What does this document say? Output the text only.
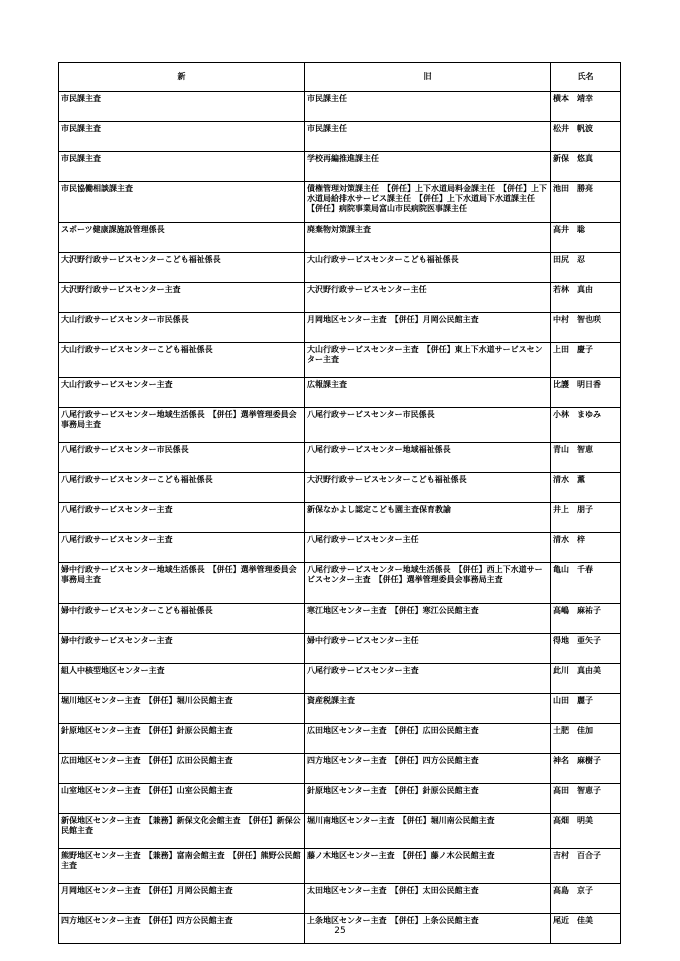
新	旧	氏名
市民課主査	市民課主任	横本　靖幸
市民課主査	市民課主任	松井　帆波
市民課主査	学校再編推進課主任	新保　悠真
市民協働相談課主査	債権管理対策課主任　【併任】上下水道局料金課主任　【併任】上下水道局給排水サービス課主任　【併任】上下水道局下水道課主任　【併任】病院事業局富山市民病院医事課主任	池田　勝亮
スポーツ健康課施設管理係長	廃棄物対策課主査	高井　聡
大沢野行政サービスセンターこども福祉係長	大山行政サービスセンターこども福祉係長	田尻　忍
大沢野行政サービスセンター主査	大沢野行政サービスセンター主任	若林　真由
大山行政サービスセンター市民係長	月岡地区センター主査　【併任】月岡公民館主査	中村　智也咲
大山行政サービスセンターこども福祉係長	大山行政サービスセンター主査　【併任】東上下水道サービスセンター主査	上田　慶子
大山行政サービスセンター主査	広報課主査	比護　明日香
八尾行政サービスセンター地域生活係長　【併任】選挙管理委員会事務局主査	八尾行政サービスセンター市民係長	小林　まゆみ
八尾行政サービスセンター市民係長	八尾行政サービスセンター地域福祉係長	青山　智恵
八尾行政サービスセンターこども福祉係長	大沢野行政サービスセンターこども福祉係長	清水　薫
八尾行政サービスセンター主査	新保なかよし認定こども園主査保育教諭	井上　朋子
八尾行政サービスセンター主査	八尾行政サービスセンター主任	清水　梓
婦中行政サービスセンター地域生活係長　【併任】選挙管理委員会事務局主査	八尾行政サービスセンター地域生活係長　【併任】西上下水道サービスセンター主査　【併任】選挙管理委員会事務局主査	亀山　千春
婦中行政サービスセンターこども福祉係長	寒江地区センター主査　【併任】寒江公民館主査	高嶋　麻祐子
婦中行政サービスセンター主査	婦中行政サービスセンター主任	得地　亜矢子
組人中核型地区センター主査	八尾行政サービスセンター主査	此川　真由美
堀川地区センター主査　【併任】堀川公民館主査	資産税課主査	山田　麗子
針原地区センター主査　【併任】針原公民館主査	広田地区センター主査　【併任】広田公民館主査	土肥　佳加
広田地区センター主査　【併任】広田公民館主査	四方地区センター主査　【併任】四方公民館主査	神名　麻樹子
山室地区センター主査　【併任】山室公民館主査	針原地区センター主査　【併任】針原公民館主査	高田　智恵子
新保地区センター主査　【兼務】新保文化会館主査　【併任】新保公民館主査	堀川南地区センター主査　【併任】堀川南公民館主査	高畑　明美
熊野地区センター主査　【兼務】富南会館主査　【併任】熊野公民館主査	藤ノ木地区センター主査　【併任】藤ノ木公民館主査	吉村　百合子
月岡地区センター主査　【併任】月岡公民館主査	太田地区センター主査　【併任】太田公民館主査	高島　京子
四方地区センター主査　【併任】四方公民館主査	上条地区センター主査　【併任】上条公民館主査	尾近　佳美
25
